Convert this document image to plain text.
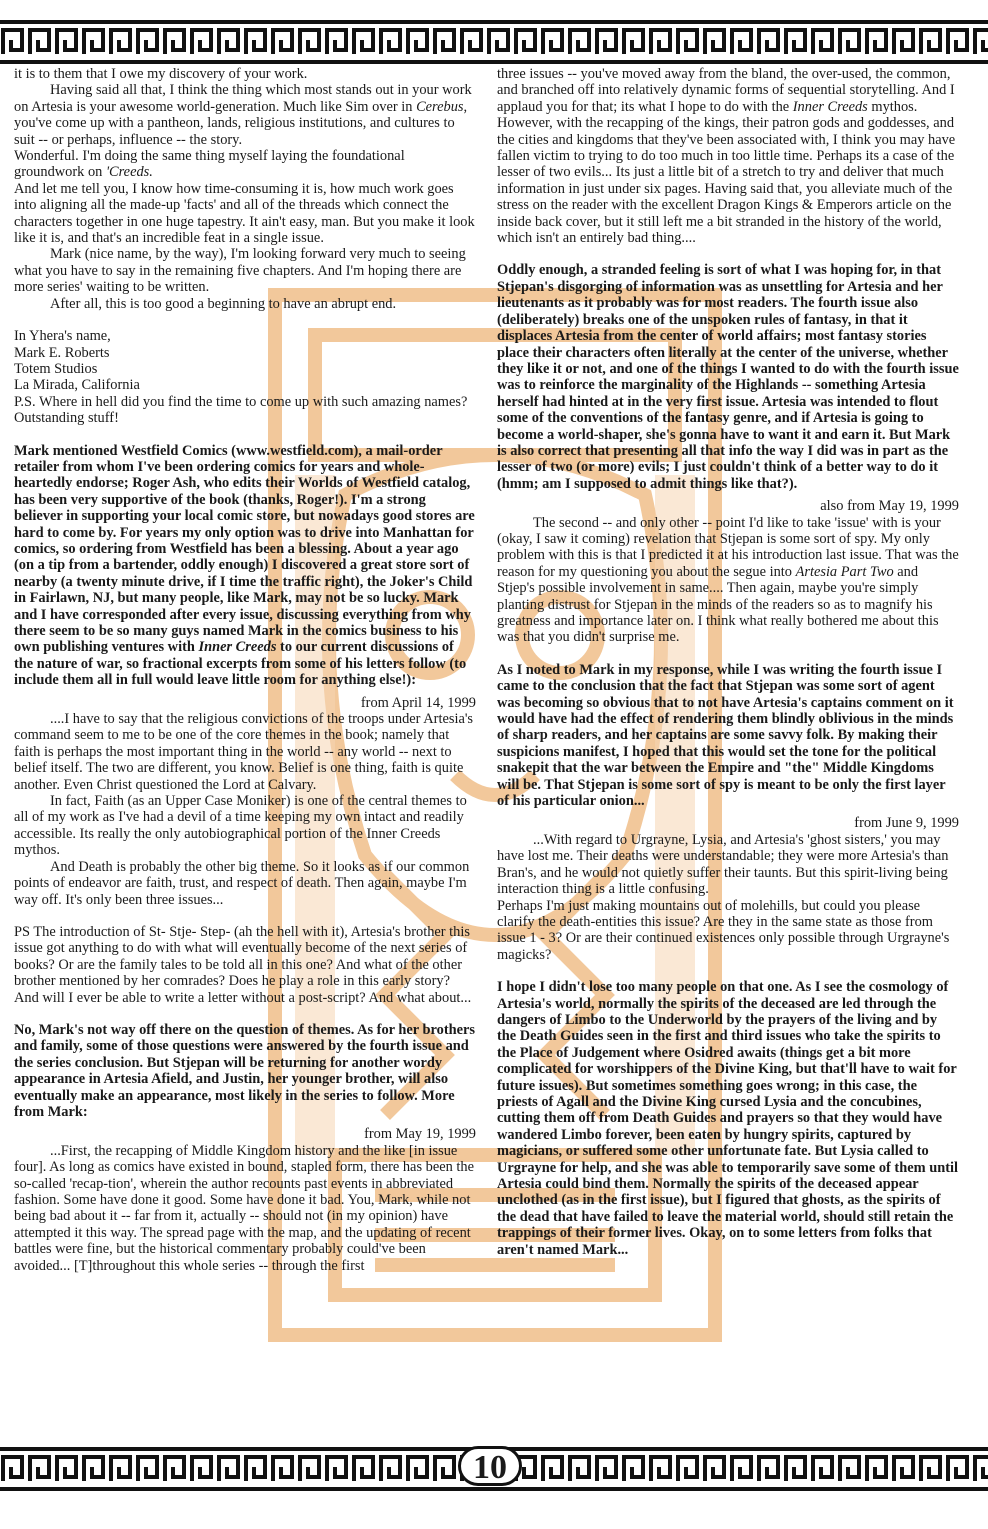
10

it is to them that I owe my discovery of your work.

Having said all that, I think the thing which most stands out in your work on Artesia is your awesome world-generation. Much like Sim over in Cerebus, you've come up with a pantheon, lands, religious institutions, and cultures to suit -- or perhaps, influence -- the story.

Wonderful. I'm doing the same thing myself laying the foundational groundwork on 'Creeds.

And let me tell you, I know how time-consuming it is, how much work goes into aligning all the made-up 'facts' and all of the threads which connect the characters together in one huge tapestry. It ain't easy, man. But you make it look like it is, and that's an incredible feat in a single issue.

Mark (nice name, by the way), I'm looking forward very much to seeing what you have to say in the remaining five chapters. And I'm hoping there are more series' waiting to be written.

After all, this is too good a beginning to have an abrupt end.

In Yhera's name,

Mark E. Roberts

Totem Studios

La Mirada, California

P.S. Where in hell did you find the time to come up with such amazing names? Outstanding stuff!

Mark mentioned Westfield Comics (www.westfield.com), a mail-order retailer from whom I've been ordering comics for years and whole-heartedly endorse; Roger Ash, who edits their Worlds of Westfield catalog, has been very supportive of the book (thanks, Roger!). I'm a strong believer in supporting your local comic store, but nowadays good stores are hard to come by. For years my only option was to drive into Manhattan for comics, so ordering from Westfield has been a blessing. About a year ago (on a tip from a bartender, oddly enough) I discovered a great store sort of nearby (a twenty minute drive, if I time the traffic right), the Joker's Child in Fairlawn, NJ, but many people, like Mark, may not be so lucky. Mark and I have corresponded after every issue, discussing everything from why there seem to be so many guys named Mark in the comics business to his own publishing ventures with Inner Creeds to our current discussions of the nature of war, so fractional excerpts from some of his letters follow (to include them all in full would leave little room for anything else!):

from April 14, 1999

....I have to say that the religious convictions of the troops under Artesia's command seem to me to be one of the core themes in the book; namely that faith is perhaps the most important thing in the world -- any world -- next to belief itself. The two are different, you know. Belief is one thing, faith is quite another. Even Christ questioned the Lord at Calvary.

In fact, Faith (as an Upper Case Moniker) is one of the central themes to all of my work as I've had a devil of a time keeping my own intact and readily accessible. Its really the only autobiographical portion of the Inner Creeds mythos.

And Death is probably the other big theme. So it looks as if our common points of endeavor are faith, trust, and respect of death. Then again, maybe I'm way off. It's only been three issues...

PS The introduction of St- Stje- Step- (ah the hell with it), Artesia's brother this issue got anything to do with what will eventually become of the next series of books? Or are the family tales to be told all in this one? And what of the other brother mentioned by her comrades? Does he play a role in this early story? And will I ever be able to write a letter without a post-script? And what about...

No, Mark's not way off there on the question of themes. As for her brothers and family, some of those questions were answered by the fourth issue and the series conclusion. But Stjepan will be returning for another wordy appearance in Artesia Afield, and Justin, her younger brother, will also eventually make an appearance, most likely in the series to follow. More from Mark:

from May 19, 1999

...First, the recapping of Middle Kingdom history and the like [in issue four]. As long as comics have existed in bound, stapled form, there has been the so-called 'recap-tion', wherein the author recounts past events in abbreviated fashion. Some have done it good. Some have done it bad. You, Mark, while not being bad about it -- far from it, actually -- should not (in my opinion) have attempted it this way. The spread page with the map, and the updating of recent battles were fine, but the historical commentary probably could've been avoided... [T]throughout this whole series -- through the first

three issues -- you've moved away from the bland, the over-used, the common, and branched off into relatively dynamic forms of sequential storytelling. And I applaud you for that; its what I hope to do with the Inner Creeds mythos.

However, with the recapping of the kings, their patron gods and goddesses, and the cities and kingdoms that they've been associated with, I think you may have fallen victim to trying to do too much in too little time. Perhaps its a case of the lesser of two evils... Its just a little bit of a stretch to try and deliver that much information in just under six pages. Having said that, you alleviate much of the stress on the reader with the excellent Dragon Kings & Emperors article on the inside back cover, but it still left me a bit stranded in the history of the world, which isn't an entirely bad thing....

Oddly enough, a stranded feeling is sort of what I was hoping for, in that Stjepan's disgorging of information was as unsettling for Artesia and her lieutenants as it probably was for most readers. The fourth issue also (deliberately) breaks one of the unspoken rules of fantasy, in that it displaces Artesia from the center of world affairs; most fantasy stories place their characters often literally at the center of the universe, whether they like it or not, and one of the things I wanted to do with the fourth issue was to reinforce the marginality of the Highlands -- something Artesia herself had hinted at in the very first issue. Artesia was intended to flout some of the conventions of the fantasy genre, and if Artesia is going to become a world-shaper, she's gonna have to want it and earn it. But Mark is also correct that presenting all that info the way I did was in part as the lesser of two (or more) evils; I just couldn't think of a better way to do it (hmm; am I supposed to admit things like that?).

also from May 19, 1999

The second -- and only other -- point I'd like to take 'issue' with is your (okay, I saw it coming) revelation that Stjepan is some sort of spy. My only problem with this is that I predicted it at his introduction last issue. That was the reason for my questioning you about the segue into Artesia Part Two and Stjep's possible involvement in same.... Then again, maybe you're simply planting distrust for Stjepan in the minds of the readers so as to magnify his greatness and importance later on. I think what really bothered me about this was that you didn't surprise me.

As I noted to Mark in my response, while I was writing the fourth issue I came to the conclusion that the fact that Stjepan was some sort of agent was becoming so obvious that to not have Artesia's captains comment on it would have had the effect of rendering them blindly oblivious in the minds of sharp readers, and her captains are some savvy folk. By making their suspicions manifest, I hoped that this would set the tone for the political snakepit that the war between the Empire and "the" Middle Kingdoms will be. That Stjepan is some sort of spy is meant to be only the first layer of his particular onion...

from June 9, 1999

...With regard to Urgrayne, Lysia, and Artesia's 'ghost sisters,' you may have lost me. Their deaths were understandable; they were more Artesia's than Bran's, and he would not quietly suffer their taunts. But this spirit-living being interaction thing is a little confusing.

Perhaps I'm just making mountains out of molehills, but could you please clarify the death-entities this issue? Are they in the same state as those from issue 1 - 3? Or are their continued existences only possible through Urgrayne's magicks?

I hope I didn't lose too many people on that one. As I see the cosmology of Artesia's world, normally the spirits of the deceased are led through the dangers of Limbo to the Underworld by the prayers of the living and by the Death Guides seen in the first and third issues who take the spirits to the Place of Judgement where Osidred awaits (things get a bit more complicated for worshippers of the Divine King, but that'll have to wait for future issues). But sometimes something goes wrong; in this case, the priests of Agall and the Divine King cursed Lysia and the concubines, cutting them off from Death Guides and prayers so that they would have wandered Limbo forever, been eaten by hungry spirits, captured by magicians, or suffered some other unfortunate fate. But Lysia called to Urgrayne for help, and she was able to temporarily save some of them until Artesia could bind them. Normally the spirits of the deceased appear unclothed (as in the first issue), but I figured that ghosts, as the spirits of the dead that have failed to leave the material world, should still retain the trappings of their former lives. Okay, on to some letters from folks that aren't named Mark...
